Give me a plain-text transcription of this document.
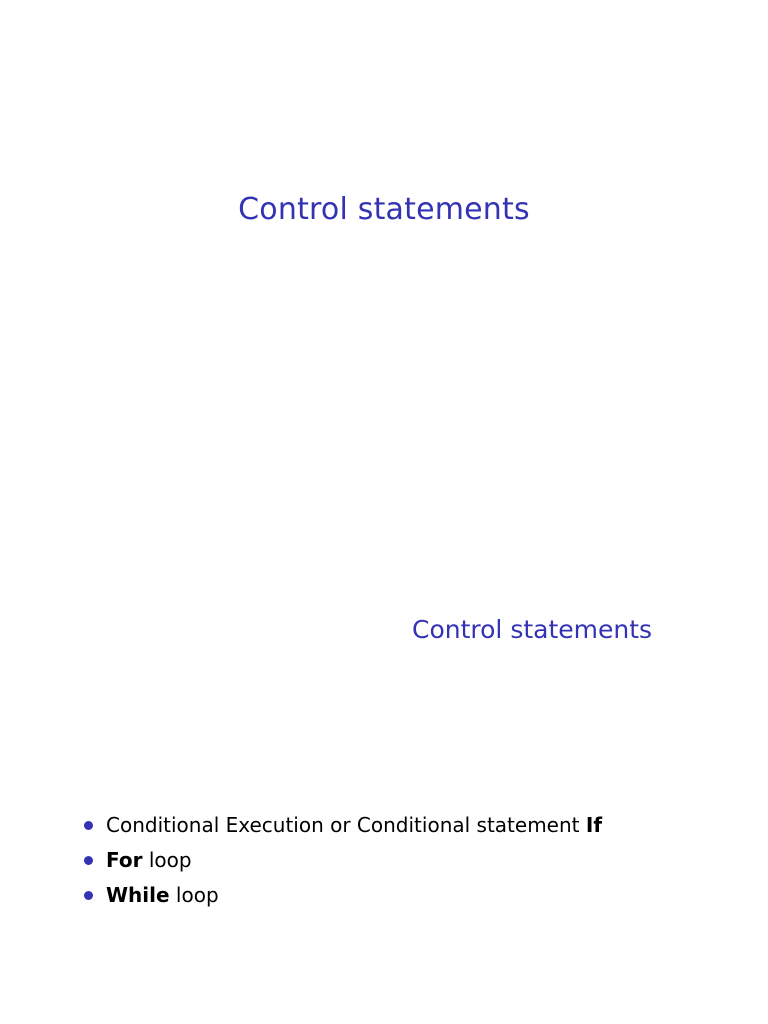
Control statements
Control statements
Conditional Execution or Conditional statement If
For loop
While loop
